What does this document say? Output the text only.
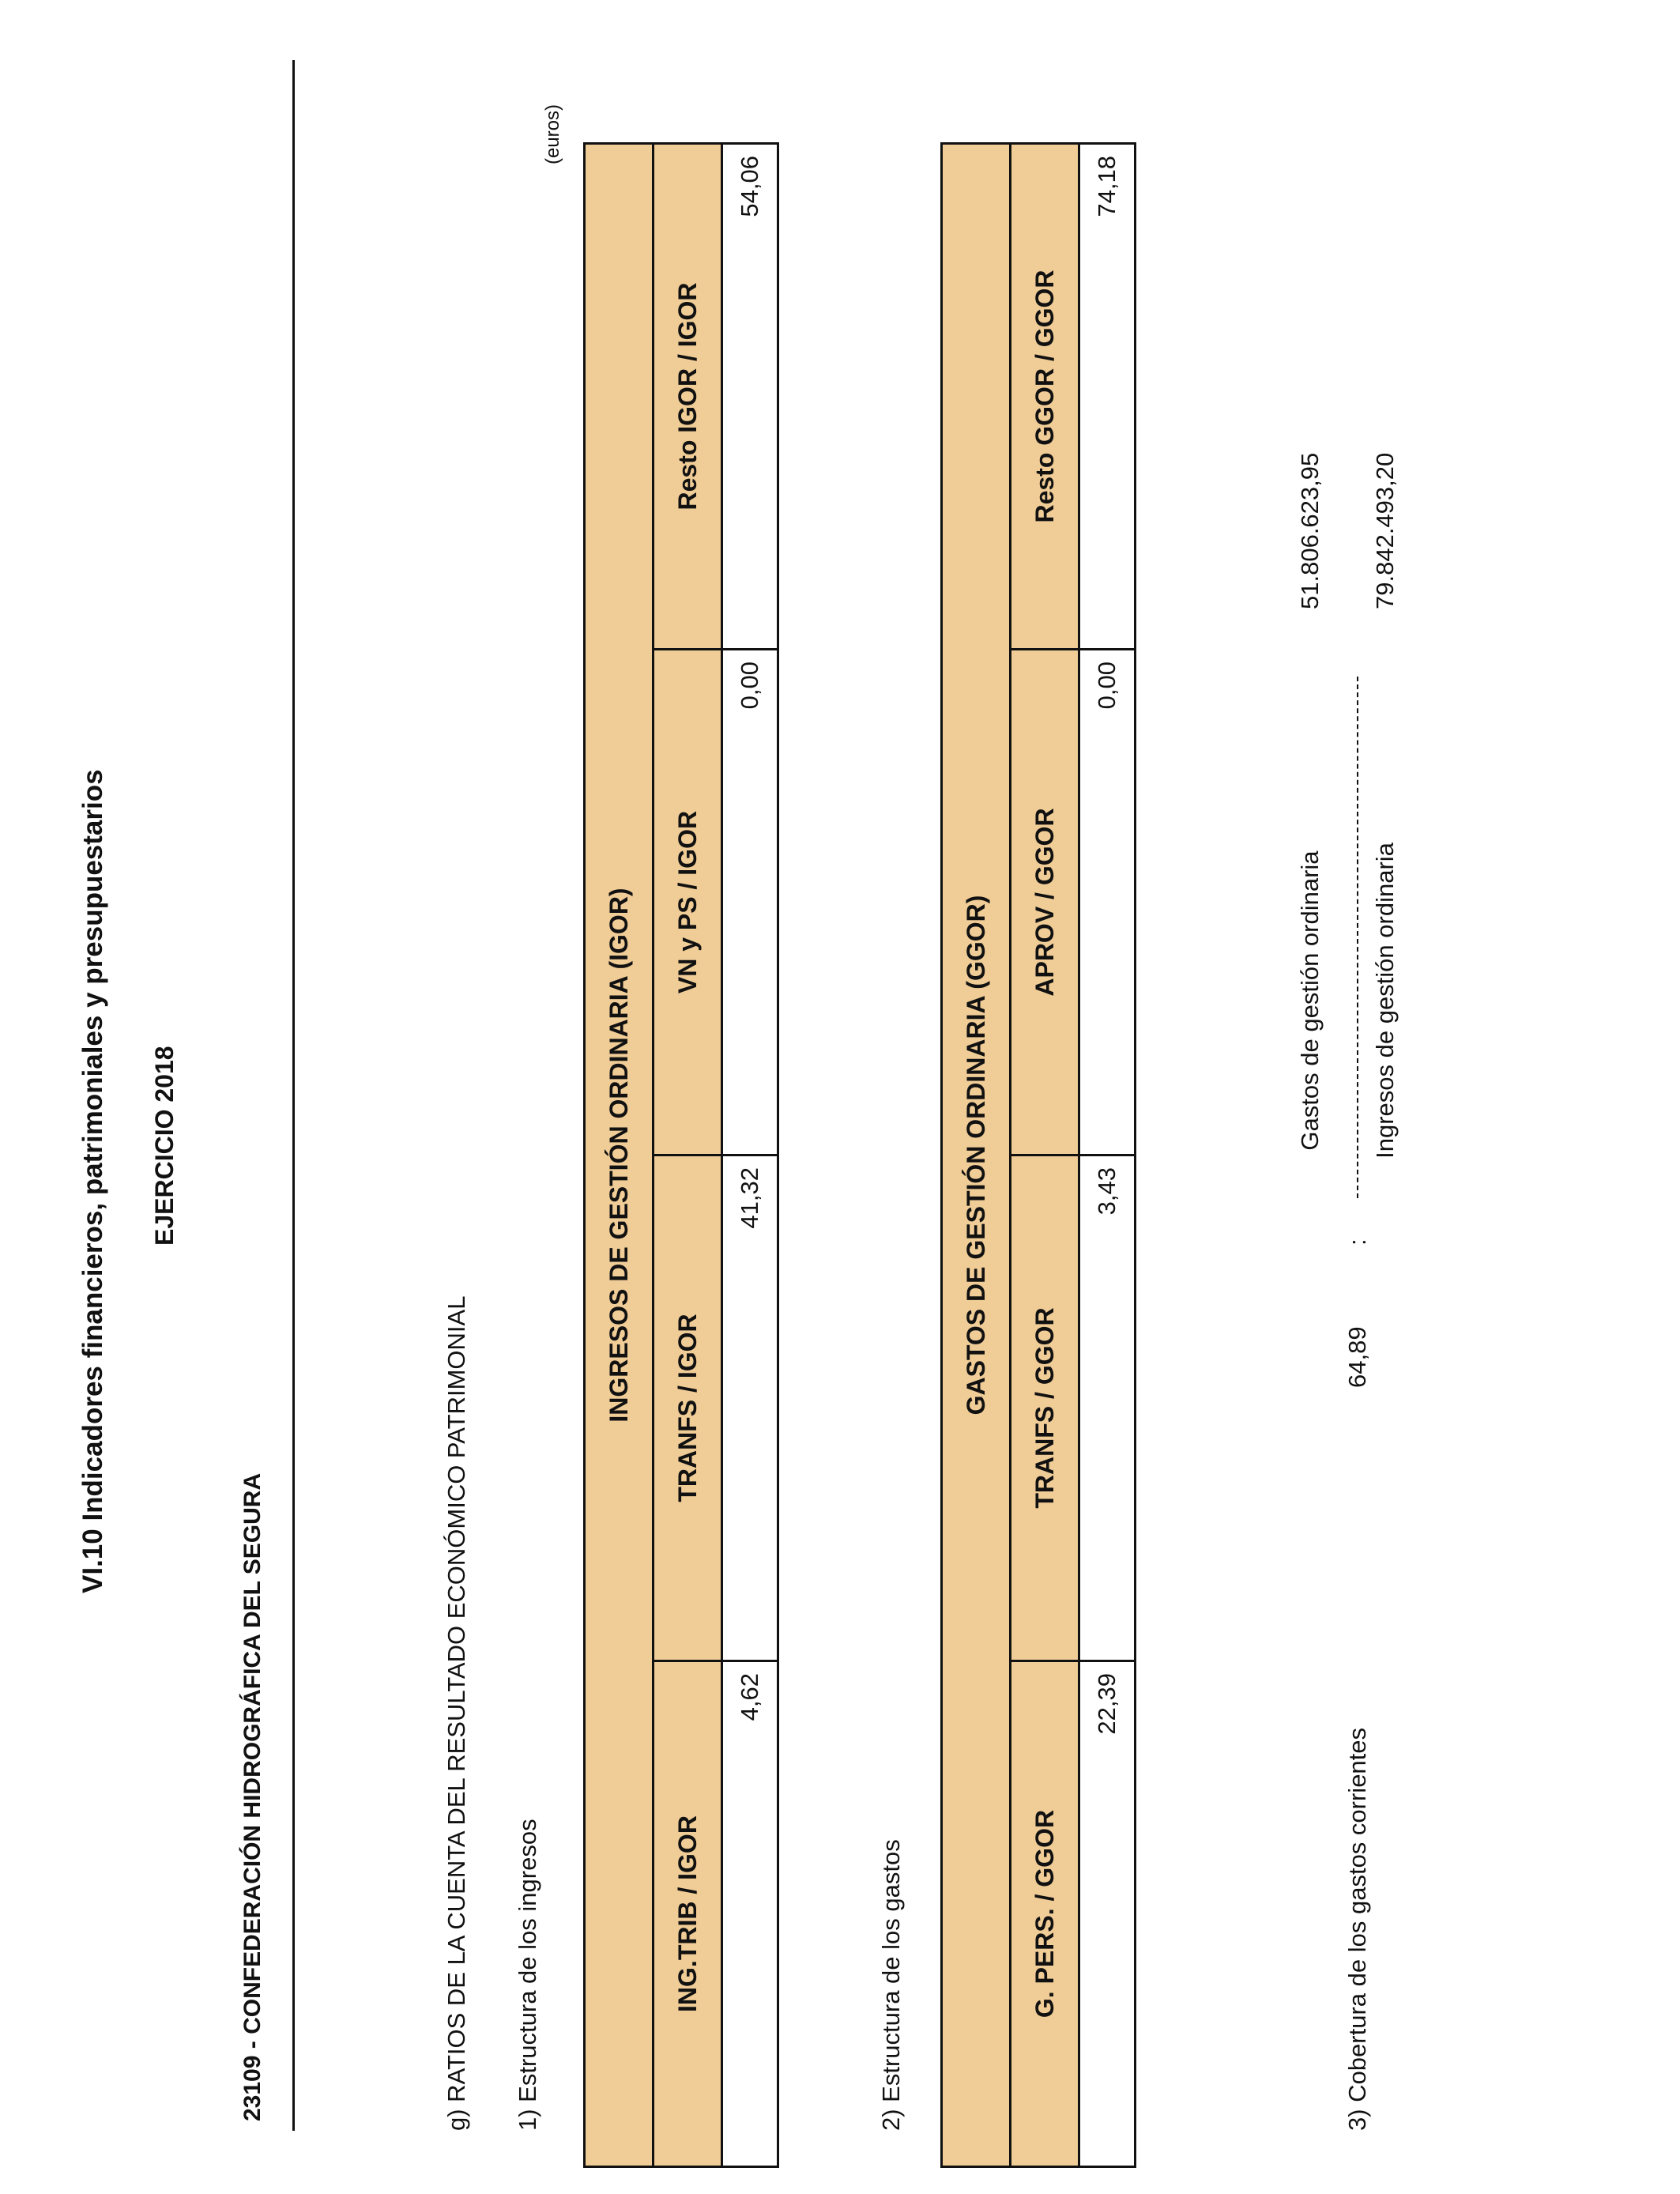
VI.10 Indicadores financieros, patrimoniales y presupuestarios EJERCICIO 2018
23109 - CONFEDERACIÓN HIDROGRÁFICA DEL SEGURA	g) RATIOS DE LA CUENTA DEL RESULTADO ECONÓMICO PATRIMONIAL 1) Estructura de los ingresos
(euros)
INGRESOS DE GESTIÓN ORDINARIA (IGOR)			
ING.TRIB / IGOR	TRANFS / IGOR	VN y PS / IGOR	Resto IGOR / IGOR
4,62	41,32	0,00	54,06
2) Estructura de los gastos
GASTOS DE GESTIÓN ORDINARIA (GGOR)			
G. PERS. / GGOR	TRANFS / GGOR	APROV / GGOR	Resto GGOR / GGOR
22,39	3,43	0,00	74,18
3) Cobertura de los gastos corrientes
64,89
:
Gastos de gestión ordinaria Ingresos de gestión ordinaria
51.806.623,95 79.842.493,20
